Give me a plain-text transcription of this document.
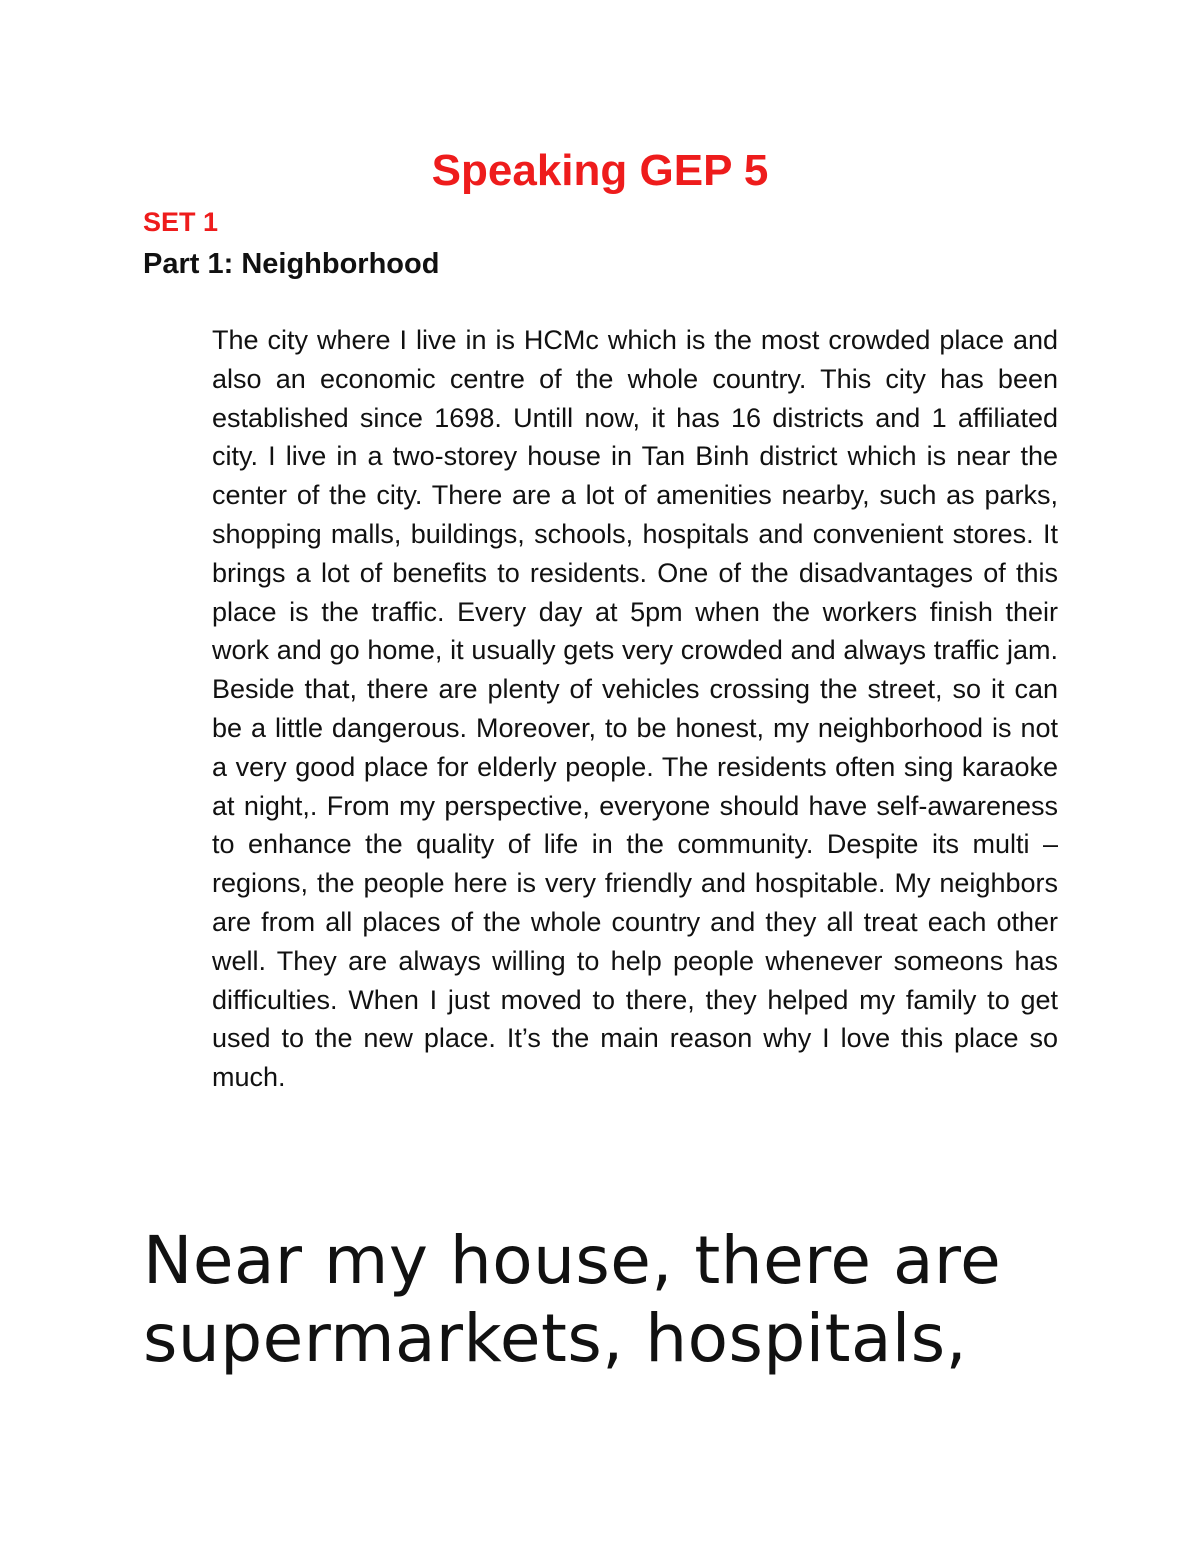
Speaking GEP 5
SET 1
Part 1: Neighborhood

The city where I live in is HCMc which is the most crowded place and also an economic centre of the whole country. This city has been established since 1698. Untill now, it has 16 districts and 1 affiliated city. I live in a two-storey house in Tan Binh district which is near the center of the city. There are a lot of amenities nearby, such as parks, shopping malls, buildings, schools, hospitals and convenient stores. It brings a lot of benefits to residents. One of the disadvantages of this place is the traffic. Every day at 5pm when the workers finish their work and go home, it usually gets very crowded and always traffic jam. Beside that, there are plenty of vehicles crossing the street, so it can be a little dangerous. Moreover, to be honest, my neighborhood is not a very good place for elderly people. The residents often sing karaoke at night,. From my perspective, everyone should have self-awareness to enhance the quality of life in the community. Despite its multi – regions, the people here is very friendly and hospitable. My neighbors are from all places of the whole country and they all treat each other well. They are always willing to help people whenever someons has difficulties. When I just moved to there, they helped my family to get used to the new place. It’s the main reason why I love this place so much.

Near my house, there are supermarkets, hospitals,
